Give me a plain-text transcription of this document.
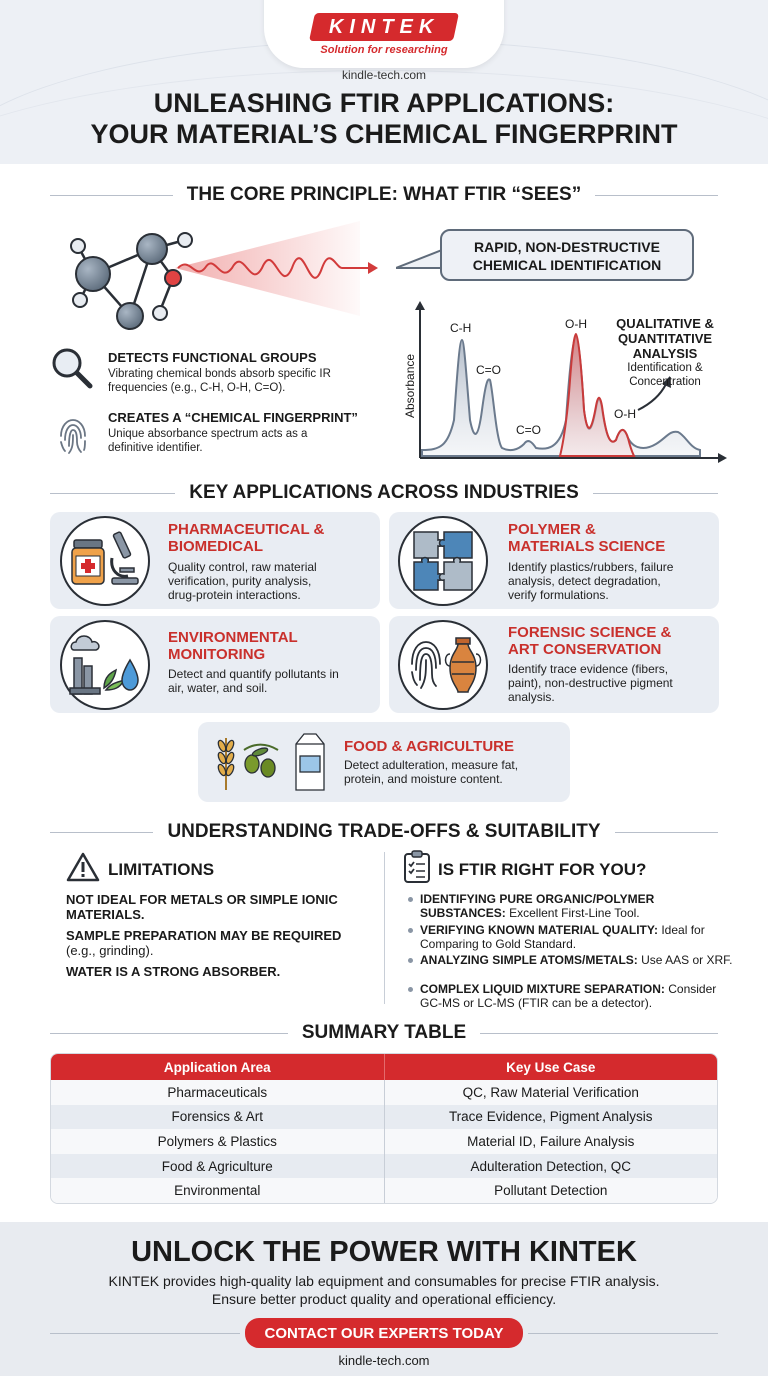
KINTEK
Solution for researching
kindle-tech.com
UNLEASHING FTIR APPLICATIONS:
YOUR MATERIAL’S CHEMICAL FINGERPRINT
THE CORE PRINCIPLE: WHAT FTIR “SEES”
RAPID, NON-DESTRUCTIVE
CHEMICAL IDENTIFICATION
DETECTS FUNCTIONAL GROUPS
Vibrating chemical bonds absorb specific IR
frequencies (e.g., C-H, O-H, C=O).
CREATES A “CHEMICAL FINGERPRINT”
Unique absorbance spectrum acts as a
definitive identifier.
Absorbance
C-H
C=O
C=O
O-H
O-H
QUALITATIVE &
QUANTITATIVE
ANALYSIS
Identification &
Concentration
KEY APPLICATIONS ACROSS INDUSTRIES
PHARMACEUTICAL &
BIOMEDICAL
Quality control, raw material
verification, purity analysis,
drug-protein interactions.
POLYMER &
MATERIALS SCIENCE
Identify plastics/rubbers, failure
analysis, detect degradation,
verify formulations.
ENVIRONMENTAL
MONITORING
Detect and quantify pollutants in
air, water, and soil.
FORENSIC SCIENCE &
ART CONSERVATION
Identify trace evidence (fibers,
paint), non-destructive pigment
analysis.
FOOD & AGRICULTURE
Detect adulteration, measure fat,
protein, and moisture content.
UNDERSTANDING TRADE-OFFS & SUITABILITY
LIMITATIONS
NOT IDEAL FOR METALS OR SIMPLE IONIC
MATERIALS.
SAMPLE PREPARATION MAY BE REQUIRED
(e.g., grinding).
WATER IS A STRONG ABSORBER.
IS FTIR RIGHT FOR YOU?
IDENTIFYING PURE ORGANIC/POLYMER SUBSTANCES: Excellent First-Line Tool.
VERIFYING KNOWN MATERIAL QUALITY: Ideal for Comparing to Gold Standard.
ANALYZING SIMPLE ATOMS/METALS: Use AAS or XRF.
COMPLEX LIQUID MIXTURE SEPARATION: Consider GC-MS or LC-MS (FTIR can be a detector).
SUMMARY TABLE
Application Area	Key Use Case
Pharmaceuticals	QC, Raw Material Verification
Forensics & Art	Trace Evidence, Pigment Analysis
Polymers & Plastics	Material ID, Failure Analysis
Food & Agriculture	Adulteration Detection, QC
Environmental	Pollutant Detection
UNLOCK THE POWER WITH KINTEK
KINTEK provides high-quality lab equipment and consumables for precise FTIR analysis.
Ensure better product quality and operational efficiency.
CONTACT OUR EXPERTS TODAY
kindle-tech.com
